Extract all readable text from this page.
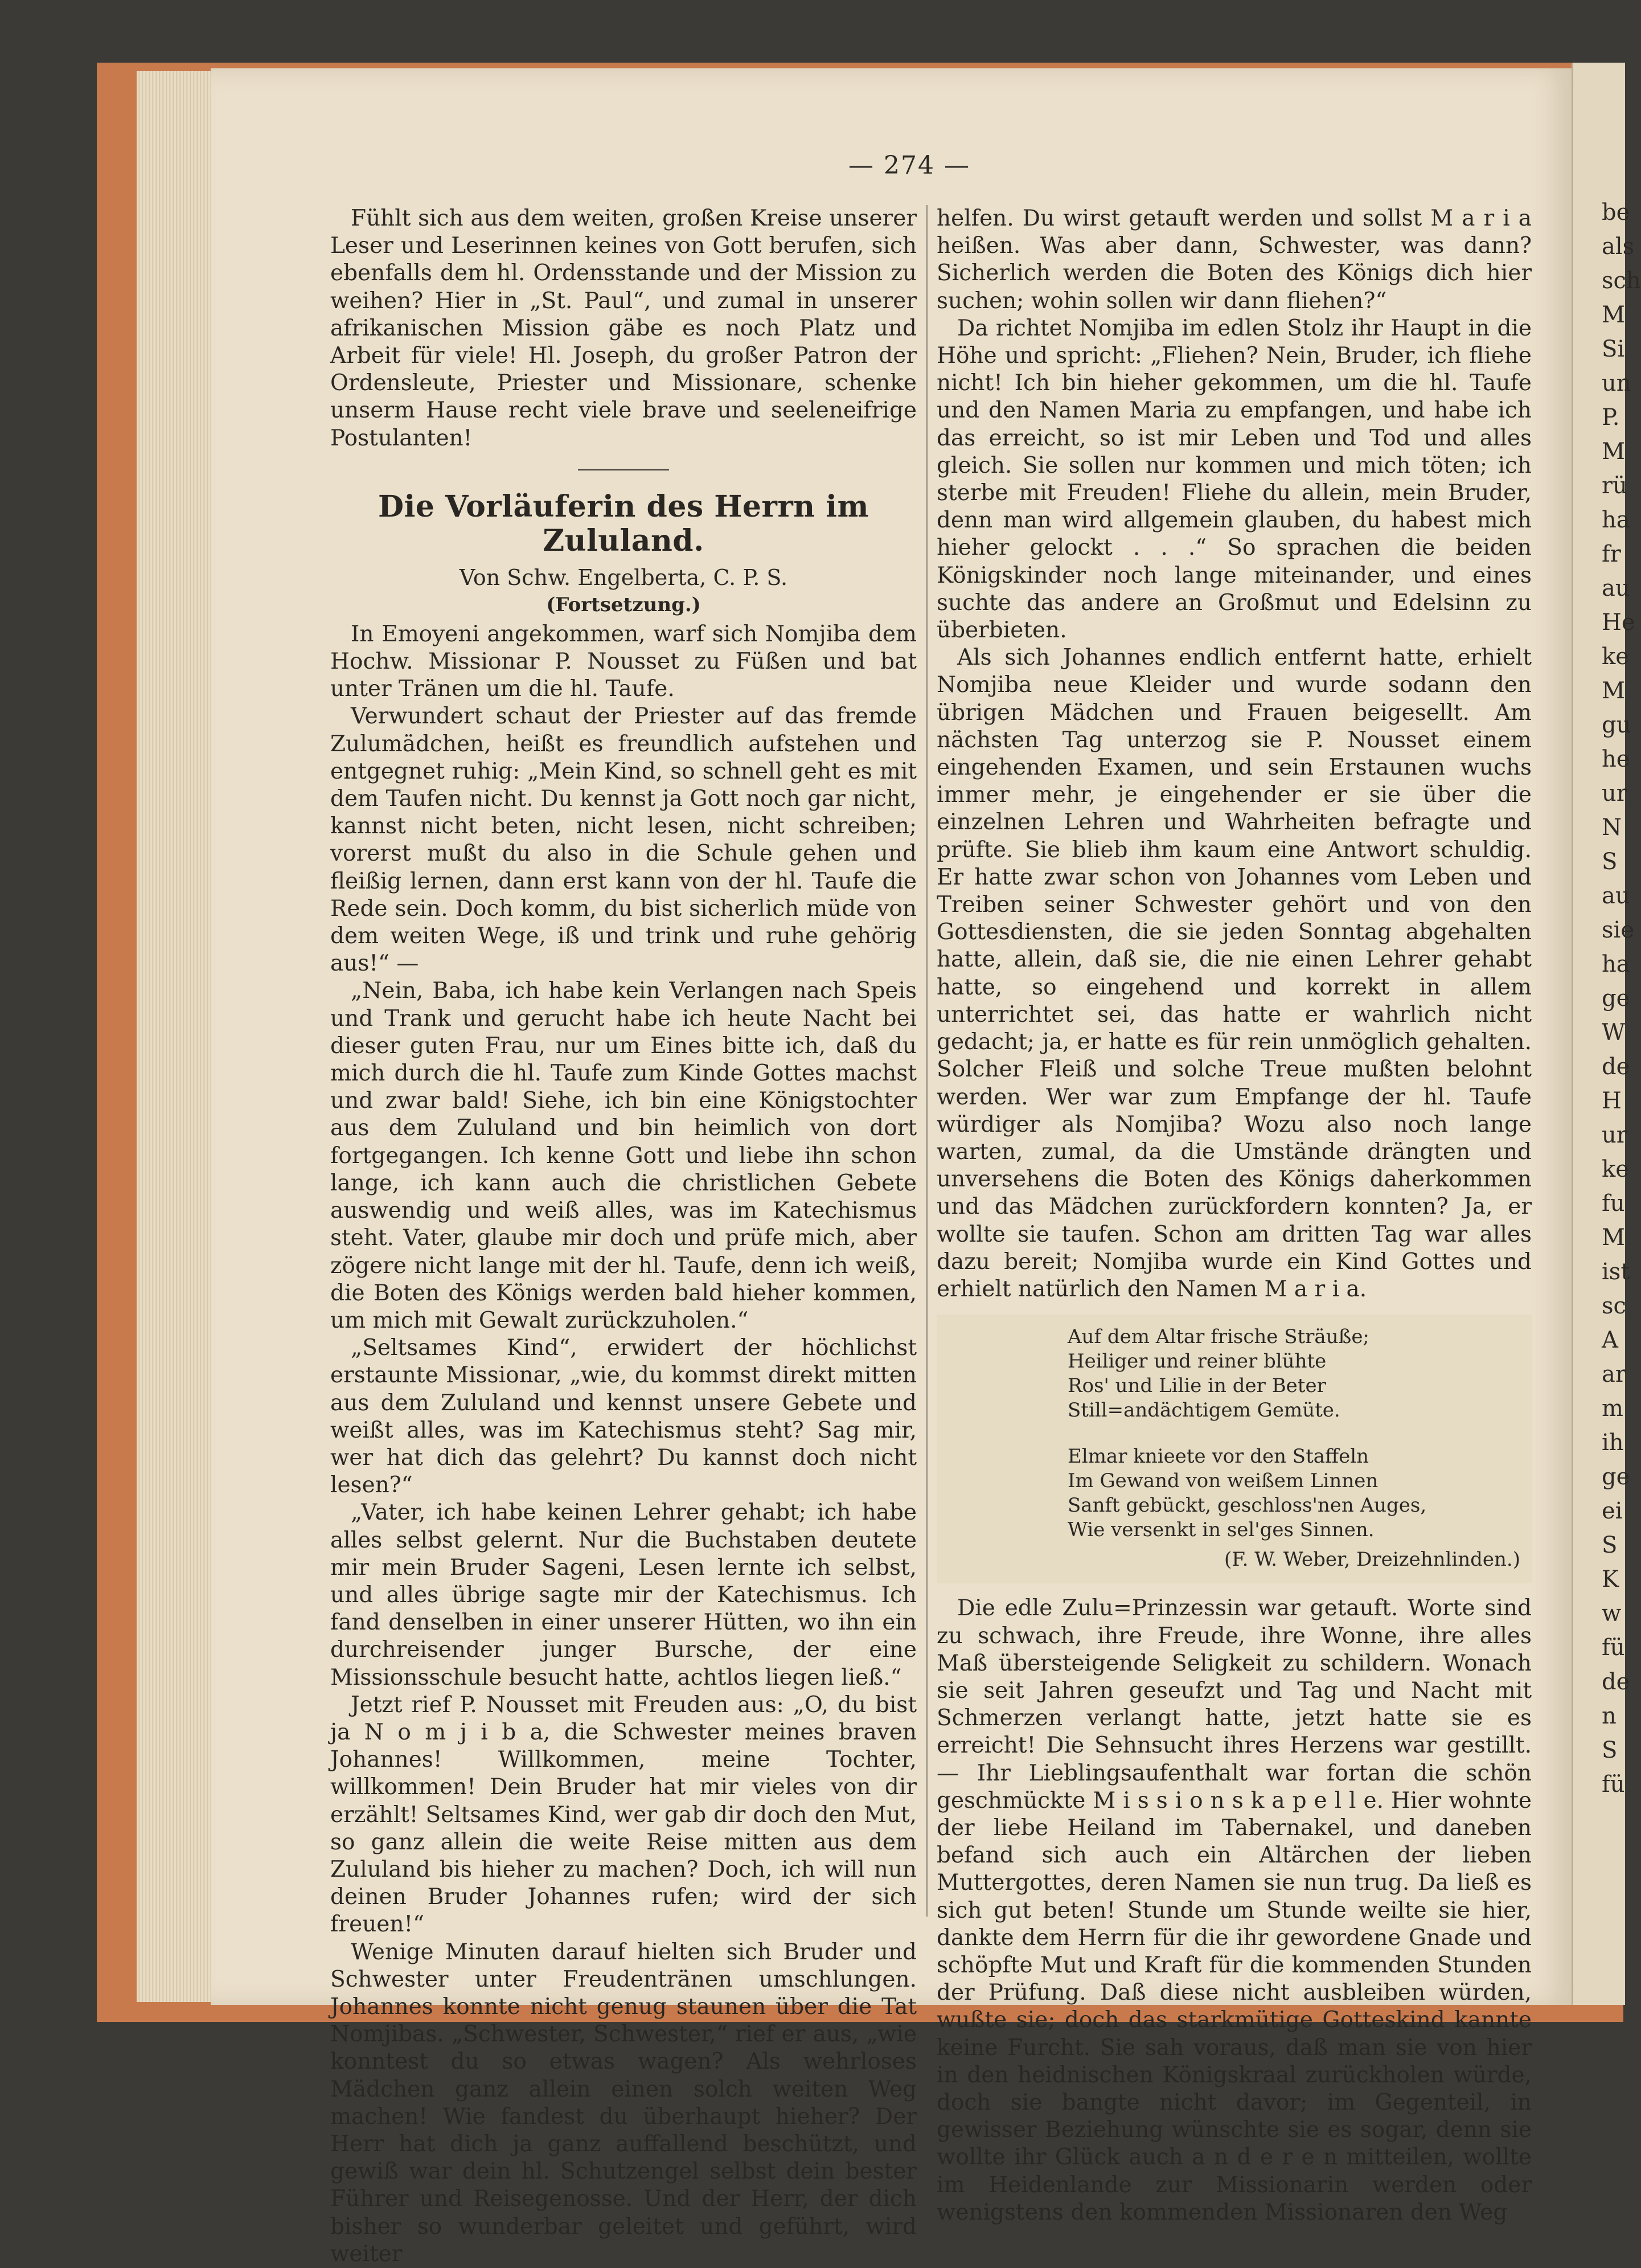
be
als
sch
M
Si
un
P.
M
rü
ha
fr
au
He
ke
M
gu
he
ur
N
S
au
sie
ha
ge
W
de
H
ur
ke
fu
M
ist
sc
A
ar
m
ih
ge
ei
S
K
w
fü
de
n
S
fü
— 274 —

Fühlt sich aus dem weiten, großen Kreise unserer Leser und Leserinnen keines von Gott berufen, sich ebenfalls dem hl. Ordensstande und der Mission zu weihen? Hier in „St. Paul“, und zumal in unserer afrikanischen Mission gäbe es noch Platz und Arbeit für viele! Hl. Joseph, du großer Patron der Ordensleute, Priester und Missionare, schenke unserm Hause recht viele brave und seeleneifrige Postulanten!

Die Vorläuferin des Herrn im Zululand.
Von Schw. Engelberta, C. P. S.
(Fortsetzung.)

In Emoyeni angekommen, warf sich Nomjiba dem Hochw. Missionar P. Nousset zu Füßen und bat unter Tränen um die hl. Taufe.

Verwundert schaut der Priester auf das fremde Zulumädchen, heißt es freundlich aufstehen und entgegnet ruhig: „Mein Kind, so schnell geht es mit dem Taufen nicht. Du kennst ja Gott noch gar nicht, kannst nicht beten, nicht lesen, nicht schreiben; vorerst mußt du also in die Schule gehen und fleißig lernen, dann erst kann von der hl. Taufe die Rede sein. Doch komm, du bist sicherlich müde von dem weiten Wege, iß und trink und ruhe gehörig aus!“ —

„Nein, Baba, ich habe kein Verlangen nach Speis und Trank und gerucht habe ich heute Nacht bei dieser guten Frau, nur um Eines bitte ich, daß du mich durch die hl. Taufe zum Kinde Gottes machst und zwar bald! Siehe, ich bin eine Königstochter aus dem Zululand und bin heimlich von dort fortgegangen. Ich kenne Gott und liebe ihn schon lange, ich kann auch die christlichen Gebete auswendig und weiß alles, was im Katechismus steht. Vater, glaube mir doch und prüfe mich, aber zögere nicht lange mit der hl. Taufe, denn ich weiß, die Boten des Königs werden bald hieher kommen, um mich mit Gewalt zurückzuholen.“

„Seltsames Kind“, erwidert der höchlichst erstaunte Missionar, „wie, du kommst direkt mitten aus dem Zululand und kennst unsere Gebete und weißt alles, was im Katechismus steht? Sag mir, wer hat dich das gelehrt? Du kannst doch nicht lesen?“

„Vater, ich habe keinen Lehrer gehabt; ich habe alles selbst gelernt. Nur die Buchstaben deutete mir mein Bruder Sageni, Lesen lernte ich selbst, und alles übrige sagte mir der Katechismus. Ich fand denselben in einer unserer Hütten, wo ihn ein durchreisender junger Bursche, der eine Missionsschule besucht hatte, achtlos liegen ließ.“

Jetzt rief P. Nousset mit Freuden aus: „O, du bist ja N o m j i b a, die Schwester meines braven Johannes! Willkommen, meine Tochter, willkommen! Dein Bruder hat mir vieles von dir erzählt! Seltsames Kind, wer gab dir doch den Mut, so ganz allein die weite Reise mitten aus dem Zululand bis hieher zu machen? Doch, ich will nun deinen Bruder Johannes rufen; wird der sich freuen!“

Wenige Minuten darauf hielten sich Bruder und Schwester unter Freudentränen umschlungen. Johannes konnte nicht genug staunen über die Tat Nomjibas. „Schwester, Schwester,“ rief er aus, „wie konntest du so etwas wagen? Als wehrloses Mädchen ganz allein einen solch weiten Weg machen! Wie fandest du überhaupt hieher? Der Herr hat dich ja ganz auffallend beschützt, und gewiß war dein hl. Schutzengel selbst dein bester Führer und Reisegenosse. Und der Herr, der dich bisher so wunderbar geleitet und geführt, wird weiter

helfen. Du wirst getauft werden und sollst M a r i a heißen. Was aber dann, Schwester, was dann? Sicherlich werden die Boten des Königs dich hier suchen; wohin sollen wir dann fliehen?“

Da richtet Nomjiba im edlen Stolz ihr Haupt in die Höhe und spricht: „Fliehen? Nein, Bruder, ich fliehe nicht! Ich bin hieher gekommen, um die hl. Taufe und den Namen Maria zu empfangen, und habe ich das erreicht, so ist mir Leben und Tod und alles gleich. Sie sollen nur kommen und mich töten; ich sterbe mit Freuden! Fliehe du allein, mein Bruder, denn man wird allgemein glauben, du habest mich hieher gelockt . . .“ So sprachen die beiden Königskinder noch lange miteinander, und eines suchte das andere an Großmut und Edelsinn zu überbieten.

Als sich Johannes endlich entfernt hatte, erhielt Nomjiba neue Kleider und wurde sodann den übrigen Mädchen und Frauen beigesellt. Am nächsten Tag unterzog sie P. Nousset einem eingehenden Examen, und sein Erstaunen wuchs immer mehr, je eingehender er sie über die einzelnen Lehren und Wahrheiten befragte und prüfte. Sie blieb ihm kaum eine Antwort schuldig. Er hatte zwar schon von Johannes vom Leben und Treiben seiner Schwester gehört und von den Gottesdiensten, die sie jeden Sonntag abgehalten hatte, allein, daß sie, die nie einen Lehrer gehabt hatte, so eingehend und korrekt in allem unterrichtet sei, das hatte er wahrlich nicht gedacht; ja, er hatte es für rein unmöglich gehalten. Solcher Fleiß und solche Treue mußten belohnt werden. Wer war zum Empfange der hl. Taufe würdiger als Nomjiba? Wozu also noch lange warten, zumal, da die Umstände drängten und unversehens die Boten des Königs daherkommen und das Mädchen zurückfordern konnten? Ja, er wollte sie taufen. Schon am dritten Tag war alles dazu bereit; Nomjiba wurde ein Kind Gottes und erhielt natürlich den Namen M a r i a.

Auf dem Altar frische Sträuße;
Heiliger und reiner blühte
Ros' und Lilie in der Beter
Still=andächtigem Gemüte.
Elmar knieete vor den Staffeln
Im Gewand von weißem Linnen
Sanft gebückt, geschloss'nen Auges,
Wie versenkt in sel'ges Sinnen.
(F. W. Weber, Dreizehnlinden.)

Die edle Zulu=Prinzessin war getauft. Worte sind zu schwach, ihre Freude, ihre Wonne, ihre alles Maß übersteigende Seligkeit zu schildern. Wonach sie seit Jahren geseufzt und Tag und Nacht mit Schmerzen verlangt hatte, jetzt hatte sie es erreicht! Die Sehnsucht ihres Herzens war gestillt. — Ihr Lieblingsaufenthalt war fortan die schön geschmückte M i s s i o n s k a p e l l e. Hier wohnte der liebe Heiland im Tabernakel, und daneben befand sich auch ein Altärchen der lieben Muttergottes, deren Namen sie nun trug. Da ließ es sich gut beten! Stunde um Stunde weilte sie hier, dankte dem Herrn für die ihr gewordene Gnade und schöpfte Mut und Kraft für die kommenden Stunden der Prüfung. Daß diese nicht ausbleiben würden, wußte sie; doch das starkmütige Gotteskind kannte keine Furcht. Sie sah voraus, daß man sie von hier in den heidnischen Königskraal zurückholen würde, doch sie bangte nicht davor; im Gegenteil, in gewisser Beziehung wünschte sie es sogar, denn sie wollte ihr Glück auch a n d e r e n mitteilen, wollte im Heidenlande zur Missionarin werden oder wenigstens den kommenden Missionaren den Weg
